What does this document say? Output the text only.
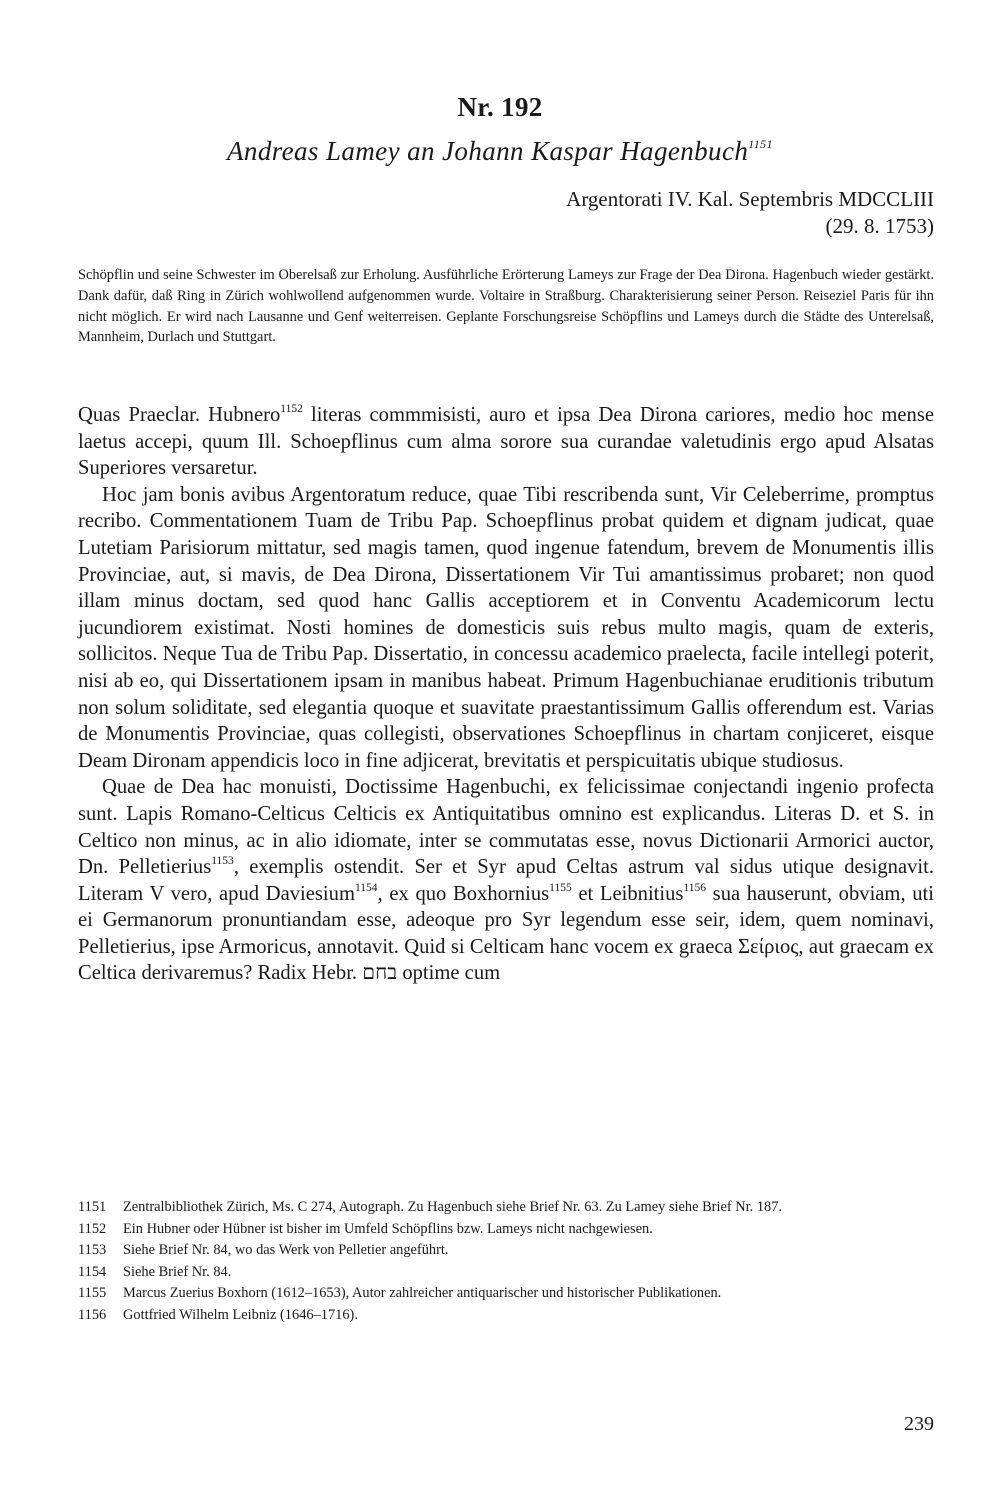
Nr. 192
Andreas Lamey an Johann Kaspar Hagenbuch$^{1151}$
Argentorati IV. Kal. Septembris MDCCLIII
(29. 8. 1753)
Schöpflin und seine Schwester im Oberelsaß zur Erholung. Ausführliche Erörterung Lameys zur Frage der Dea Dirona. Hagenbuch wieder gestärkt. Dank dafür, daß Ring in Zürich wohlwollend aufgenommen wurde. Voltaire in Straßburg. Charakterisierung seiner Person. Reiseziel Paris für ihn nicht möglich. Er wird nach Lausanne und Genf weiterreisen. Geplante Forschungsreise Schöpflins und Lameys durch die Städte des Unterelsaß, Mannheim, Durlach und Stuttgart.

Quas Praeclar. Hubnero$^{1152}$ literas commmisisti, auro et ipsa Dea Dirona cariores, medio hoc mense laetus accepi, quum Ill. Schoepflinus cum alma sorore sua curandae valetudinis ergo apud Alsatas Superiores versaretur.

Hoc jam bonis avibus Argentoratum reduce, quae Tibi rescribenda sunt, Vir Celeberrime, promptus recribo. Commentationem Tuam de Tribu Pap. Schoepflinus probat quidem et dignam judicat, quae Lutetiam Parisiorum mittatur, sed magis tamen, quod ingenue fatendum, brevem de Monumentis illis Provinciae, aut, si mavis, de Dea Dirona, Dissertationem Vir Tui amantissimus probaret; non quod illam minus doctam, sed quod hanc Gallis acceptiorem et in Conventu Academicorum lectu jucundiorem existimat. Nosti homines de domesticis suis rebus multo magis, quam de exteris, sollicitos. Neque Tua de Tribu Pap. Dissertatio, in concessu academico praelecta, facile intellegi poterit, nisi ab eo, qui Dissertationem ipsam in manibus habeat. Primum Hagenbuchianae eruditionis tributum non solum soliditate, sed elegantia quoque et suavitate praestantissimum Gallis offerendum est. Varias de Monumentis Provinciae, quas collegisti, observationes Schoepflinus in chartam conjiceret, eisque Deam Dironam appendicis loco in fine adjicerat, brevitatis et perspicuitatis ubique studiosus.

Quae de Dea hac monuisti, Doctissime Hagenbuchi, ex felicissimae conjectandi ingenio profecta sunt. Lapis Romano-Celticus Celticis ex Antiquitatibus omnino est explicandus. Literas D. et S. in Celtico non minus, ac in alio idiomate, inter se commutatas esse, novus Dictionarii Armorici auctor, Dn. Pelletierius$^{1153}$, exemplis ostendit. Ser et Syr apud Celtas astrum val sidus utique designavit. Literam V vero, apud Daviesium$^{1154}$, ex quo Boxhornius$^{1155}$ et Leibnitius$^{1156}$ sua hauserunt, obviam, uti ei Germanorum pronuntiandam esse, adeoque pro Syr legendum esse seir, idem, quem nominavi, Pelletierius, ipse Armoricus, annotavit. Quid si Celticam hanc vocem ex graeca Σείριος, aut graecam ex Celtica derivaremus? Radix Hebr. בחם optime cum

1151	Zentralbibliothek Zürich, Ms. C 274, Autograph. Zu Hagenbuch siehe Brief Nr. 63. Zu Lamey siehe Brief Nr. 187.
1152	Ein Hubner oder Hübner ist bisher im Umfeld Schöpflins bzw. Lameys nicht nachgewiesen.
1153	Siehe Brief Nr. 84, wo das Werk von Pelletier angeführt.
1154	Siehe Brief Nr. 84.
1155	Marcus Zuerius Boxhorn (1612–1653), Autor zahlreicher antiquarischer und historischer Publikationen.
1156	Gottfried Wilhelm Leibniz (1646–1716).
239
